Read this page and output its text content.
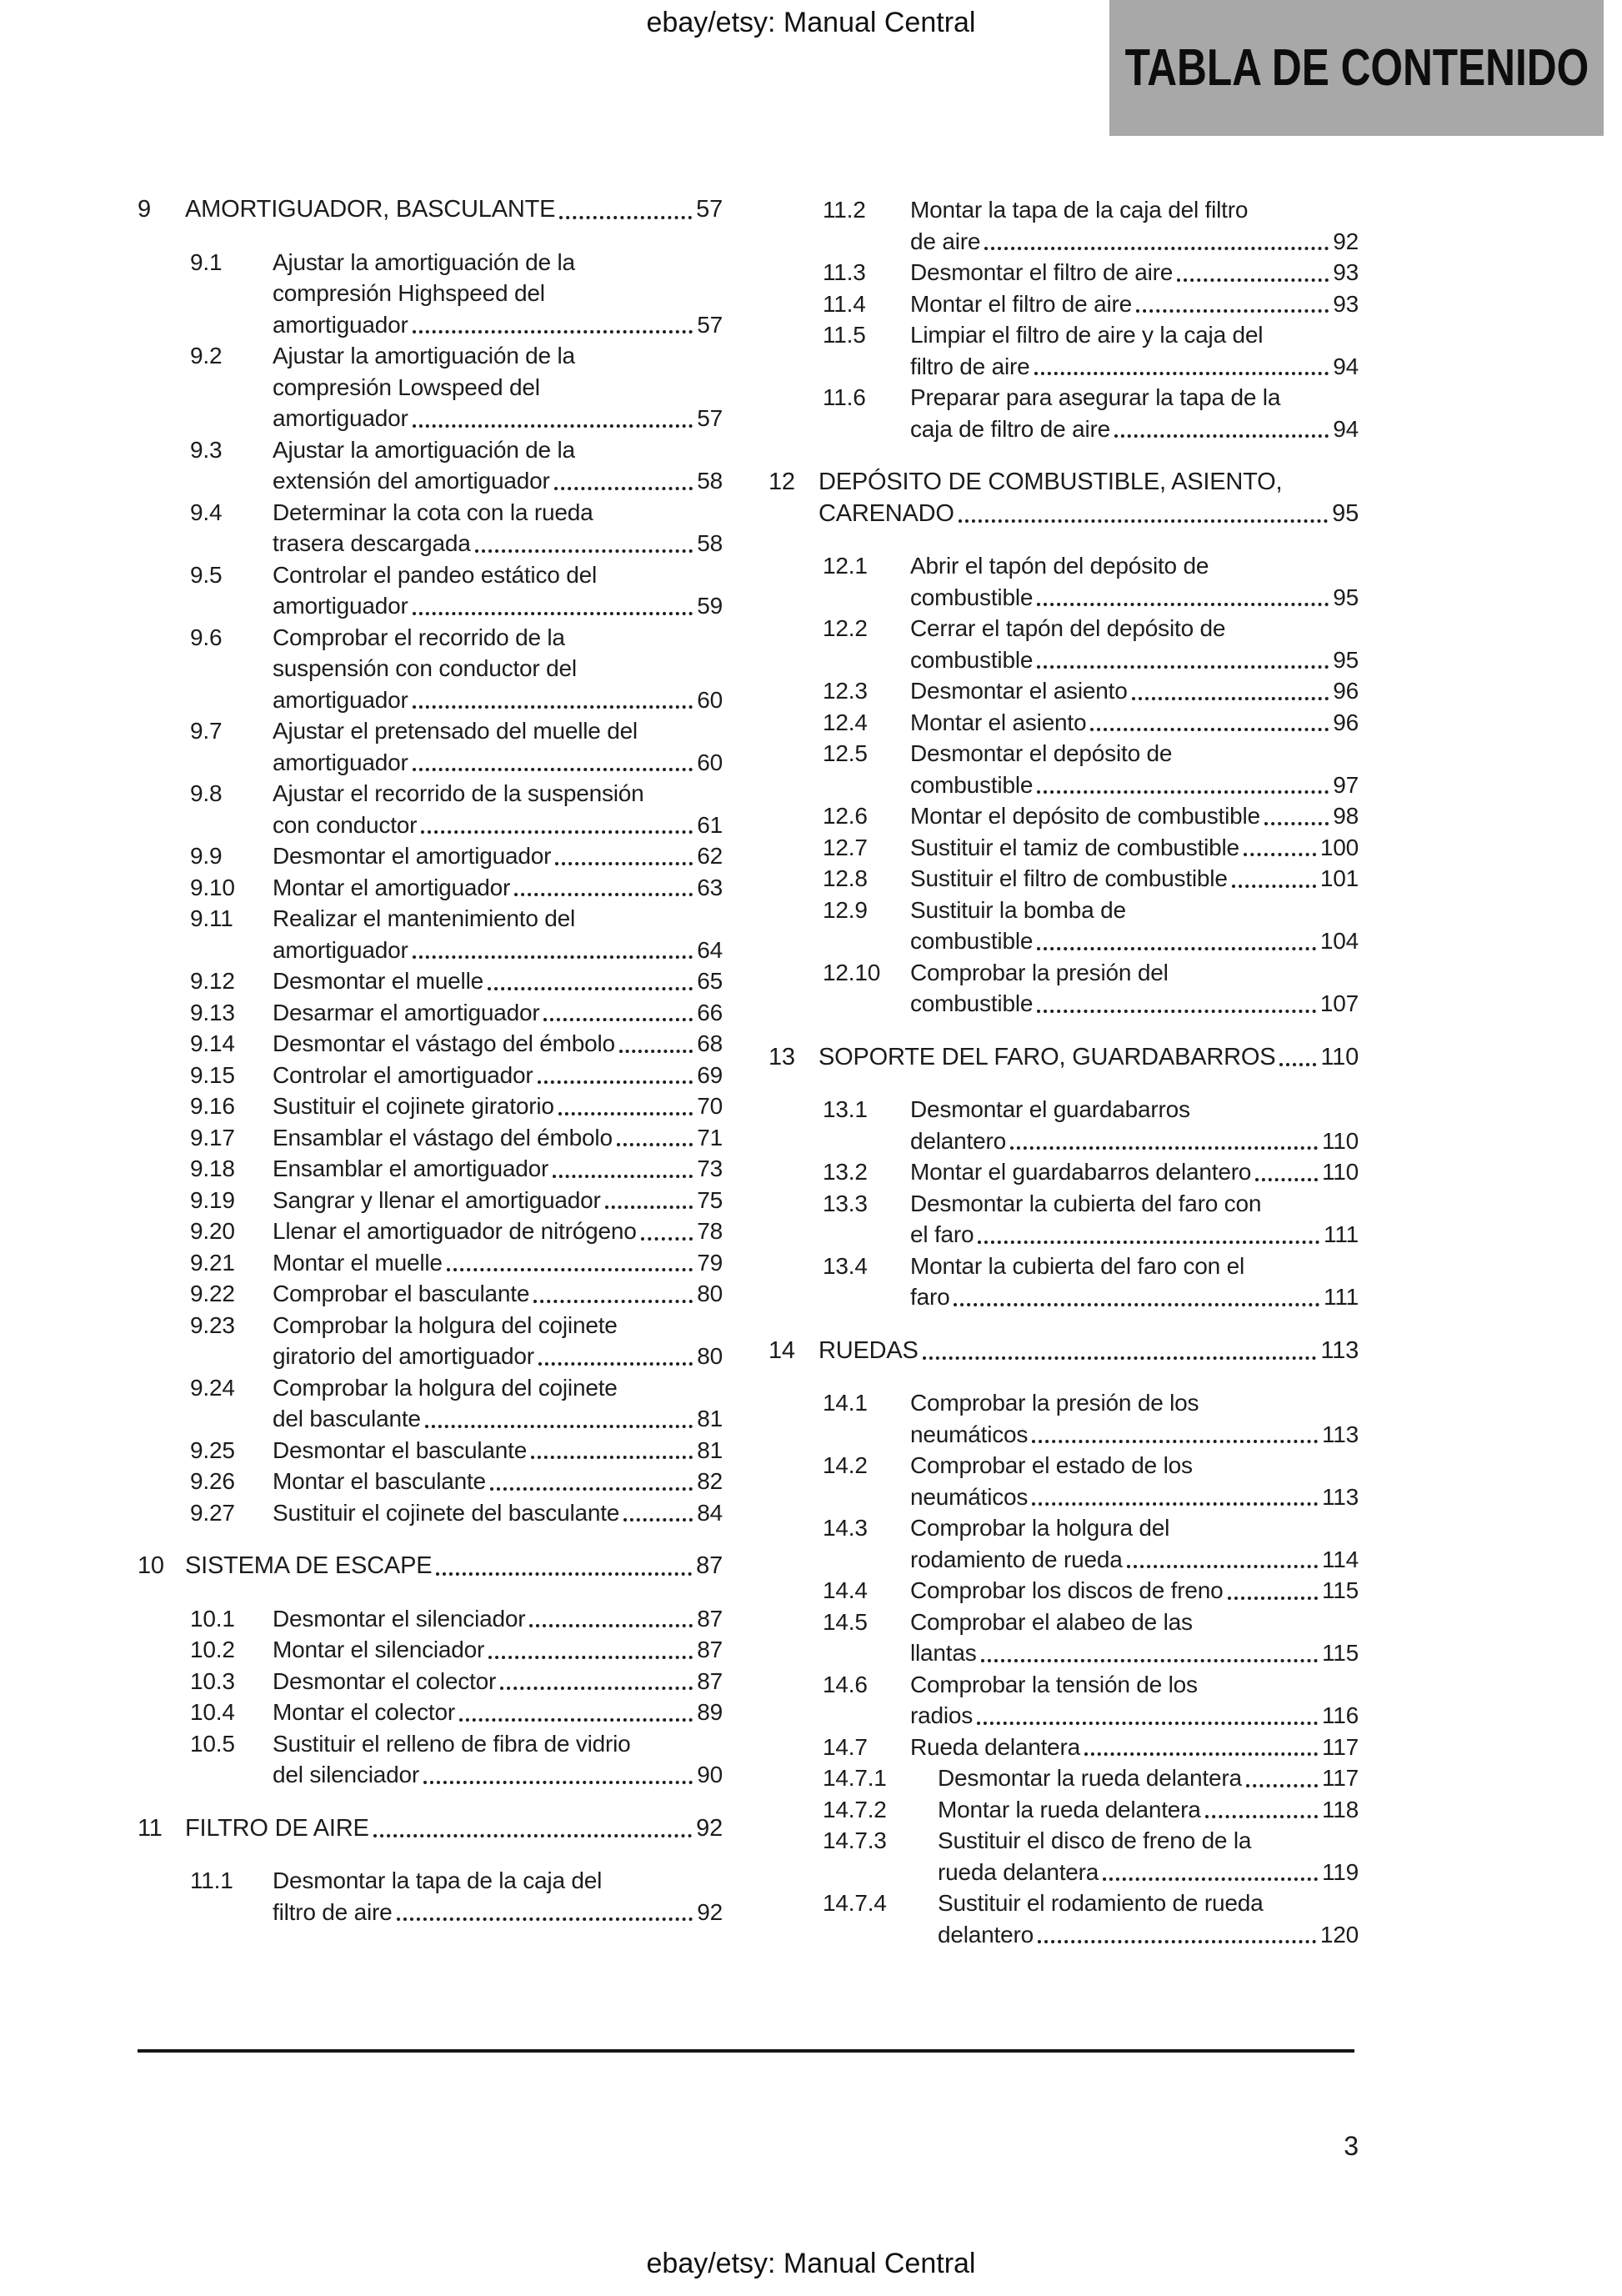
ebay/etsy: Manual Central
TABLA DE CONTENIDO
9	AMORTIGUADOR, BASCULANTE	57
9.1	Ajustar la amortiguación de la
compresión Highspeed del
amortiguador	57
9.2	Ajustar la amortiguación de la
compresión Lowspeed del
amortiguador	57
9.3	Ajustar la amortiguación de la
extensión del amortiguador	58
9.4	Determinar la cota con la rueda
trasera descargada	58
9.5	Controlar el pandeo estático del
amortiguador	59
9.6	Comprobar el recorrido de la
suspensión con conductor del
amortiguador	60
9.7	Ajustar el pretensado del muelle del
amortiguador	60
9.8	Ajustar el recorrido de la suspensión
con conductor	61
9.9	Desmontar el amortiguador	62
9.10	Montar el amortiguador	63
9.11	Realizar el mantenimiento del
amortiguador	64
9.12	Desmontar el muelle	65
9.13	Desarmar el amortiguador	66
9.14	Desmontar el vástago del émbolo	68
9.15	Controlar el amortiguador	69
9.16	Sustituir el cojinete giratorio	70
9.17	Ensamblar el vástago del émbolo	71
9.18	Ensamblar el amortiguador	73
9.19	Sangrar y llenar el amortiguador	75
9.20	Llenar el amortiguador de nitrógeno	78
9.21	Montar el muelle	79
9.22	Comprobar el basculante	80
9.23	Comprobar la holgura del cojinete
giratorio del amortiguador	80
9.24	Comprobar la holgura del cojinete
del basculante	81
9.25	Desmontar el basculante	81
9.26	Montar el basculante	82
9.27	Sustituir el cojinete del basculante	84
10 SISTEMA DE ESCAPE	87
10.1	Desmontar el silenciador	87
10.2	Montar el silenciador	87
10.3	Desmontar el colector	87
10.4	Montar el colector	89
10.5	Sustituir el relleno de fibra de vidrio
del silenciador	90
11 FILTRO DE AIRE	92
11.1	Desmontar la tapa de la caja del
filtro de aire	92
11.2	Montar la tapa de la caja del filtro
de aire	92
11.3	Desmontar el filtro de aire	93
11.4	Montar el filtro de aire	93
11.5	Limpiar el filtro de aire y la caja del
filtro de aire	94
11.6	Preparar para asegurar la tapa de la
caja de filtro de aire	94
12 DEPÓSITO DE COMBUSTIBLE, ASIENTO,
CARENADO	95
12.1	Abrir el tapón del depósito de
combustible	95
12.2	Cerrar el tapón del depósito de
combustible	95
12.3	Desmontar el asiento	96
12.4	Montar el asiento	96
12.5	Desmontar el depósito de
combustible	97
12.6	Montar el depósito de combustible	98
12.7	Sustituir el tamiz de combustible	100
12.8	Sustituir el filtro de combustible	101
12.9	Sustituir la bomba de
combustible	104
12.10	Comprobar la presión del
combustible	107
13 SOPORTE DEL FARO, GUARDABARROS 110
13.1	Desmontar el guardabarros
delantero	110
13.2	Montar el guardabarros delantero	110
13.3	Desmontar la cubierta del faro con
el faro	111
13.4	Montar la cubierta del faro con el
faro	111
14 RUEDAS	113
14.1	Comprobar la presión de los
neumáticos	113
14.2	Comprobar el estado de los
neumáticos	113
14.3	Comprobar la holgura del
rodamiento de rueda	114
14.4	Comprobar los discos de freno	115
14.5	Comprobar el alabeo de las
llantas	115
14.6	Comprobar la tensión de los
radios	116
14.7	Rueda delantera	117
14.7.1	Desmontar la rueda delantera	117
14.7.2	Montar la rueda delantera	118
14.7.3	Sustituir el disco de freno de la
rueda delantera	119
14.7.4	Sustituir el rodamiento de rueda
delantero	120
3
ebay/etsy: Manual Central
